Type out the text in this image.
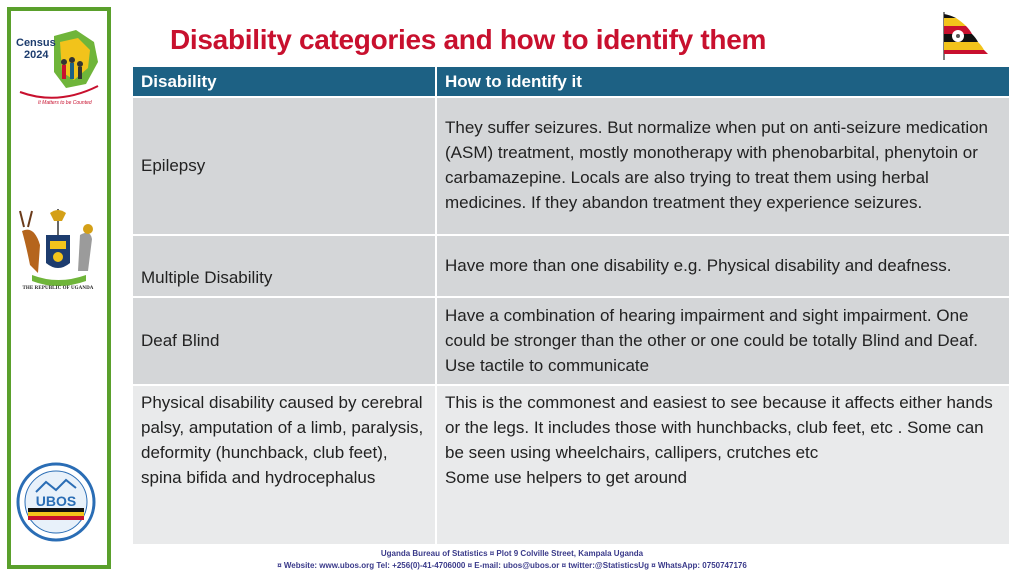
Census
2024
It Matters to be Counted
THE REPUBLIC OF UGANDA
UBOS
Disability categories and how to identify them
Disability	How to identify it
Epilepsy	They suffer seizures. But normalize when put on anti-seizure medication (ASM) treatment, mostly monotherapy with phenobarbital, phenytoin or carbamazepine. Locals are also trying to treat them using herbal medicines. If they abandon treatment they experience seizures.
Multiple Disability	Have more than one disability e.g. Physical disability and deafness.
Deaf Blind	Have a combination of hearing impairment and sight impairment. One could be stronger than the other or one could be totally Blind and Deaf. Use tactile to communicate
Physical disability caused by cerebral palsy, amputation of a limb, paralysis, deformity (hunchback, club feet), spina bifida and hydrocephalus	This is the commonest and easiest to see because it affects either hands or the legs. It includes those with hunchbacks, club feet, etc . Some can be seen using wheelchairs, callipers, crutches etc
Some use helpers to get around
Uganda Bureau of Statistics ¤ Plot 9 Colville Street, Kampala Uganda
¤ Website: www.ubos.org Tel: +256(0)-41-4706000 ¤ E-mail: ubos@ubos.or ¤ twitter:@StatisticsUg ¤ WhatsApp: 0750747176
